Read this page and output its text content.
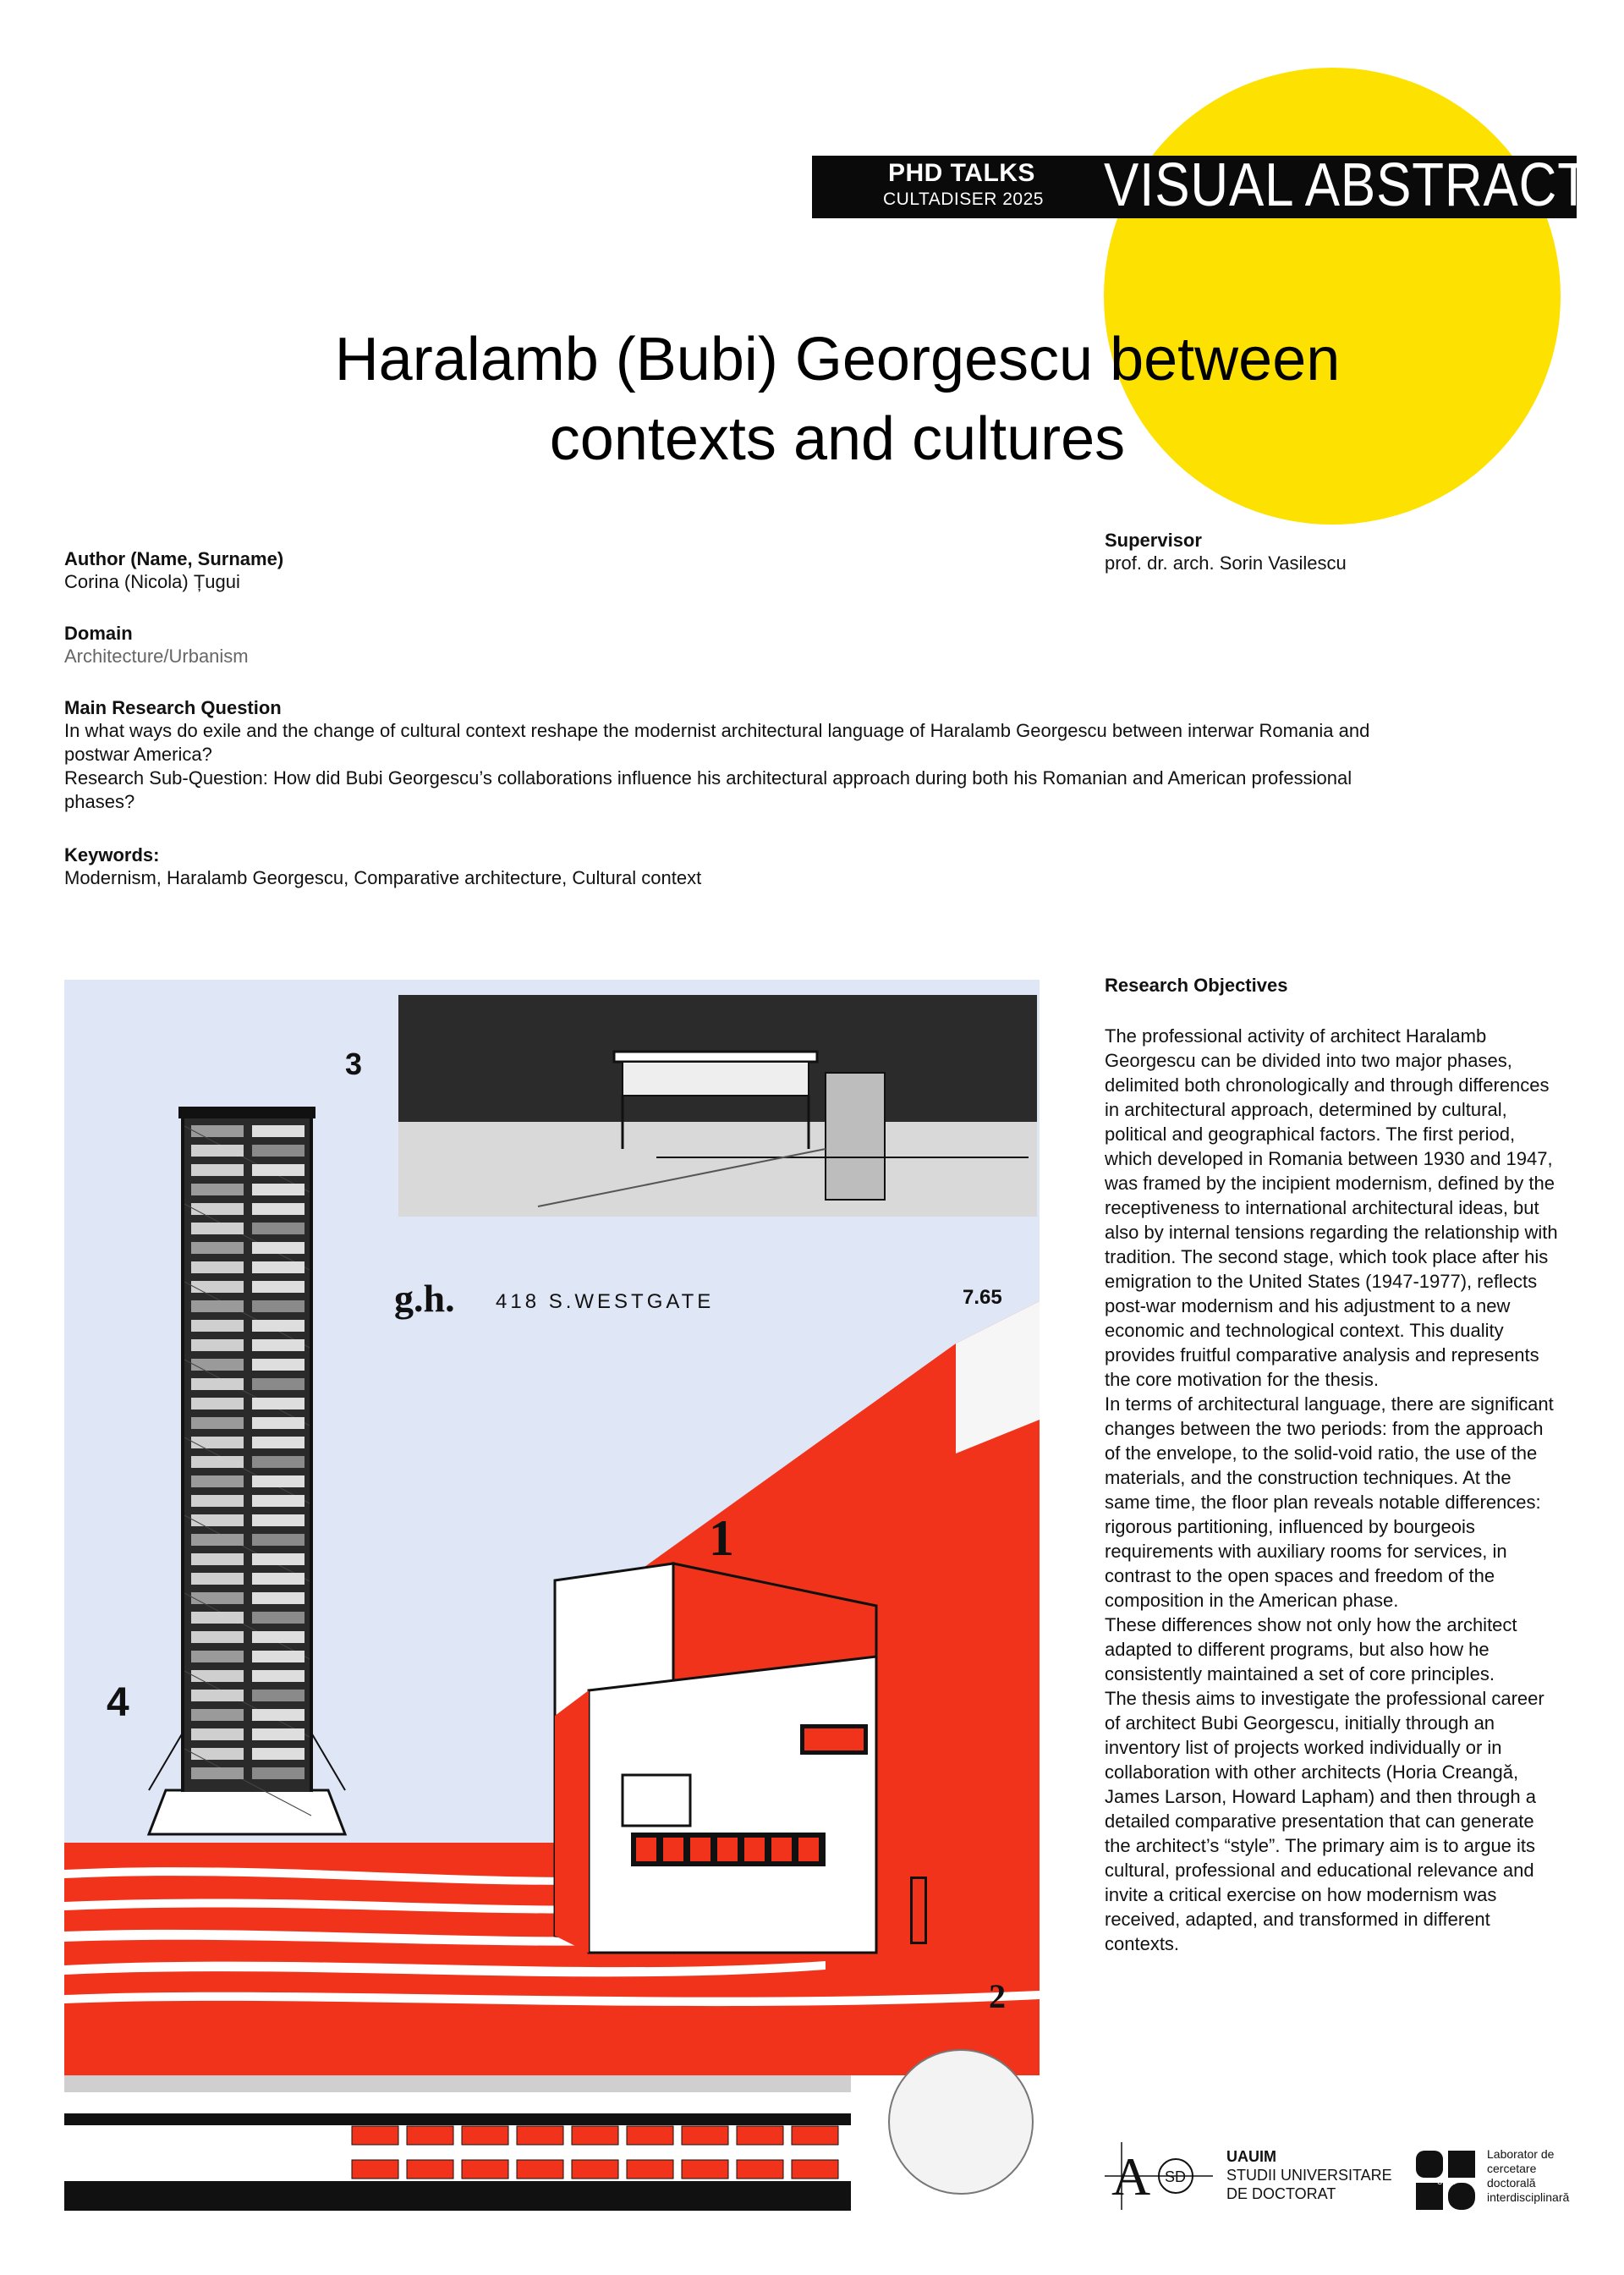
PHD TALKS
CULTADISER 2025 VISUAL ABSTRACT
Haralamb (Bubi) Georgescu between
contexts and cultures
Author (Name, Surname)
Corina (Nicola) Țugui
Supervisor
prof. dr. arch. Sorin Vasilescu
Domain
Architecture/Urbanism
Main Research Question
In what ways do exile and the change of cultural context reshape the modernist architectural language of Haralamb Georgescu between interwar Romania and
postwar America?
Research Sub-Question: How did Bubi Georgescu’s collaborations influence his architectural approach during both his Romanian and American professional
phases?
Keywords:
Modernism, Haralamb Georgescu, Comparative architecture, Cultural context
1
2
3
4
g.h. 418 S.WESTGATE	7.65
Research Objectives

The professional activity of architect Haralamb Georgescu can be divided into two major phases, delimited both chronologically and through differences in architectural approach, determined by cultural, political and geographical factors. The first period, which developed in Romania between 1930 and 1947, was framed by the incipient modernism, defined by the receptiveness to international architectural ideas, but also by internal tensions regarding the relationship with tradition. The second stage, which took place after his emigration to the United States (1947-1977), reflects post-war modernism and his adjustment to a new economic and technological context. This duality provides fruitful comparative analysis and represents the core motivation for the thesis.

In terms of architectural language, there are significant changes between the two periods: from the approach of the envelope, to the solid-void ratio, the use of the materials, and the construction techniques. At the same time, the floor plan reveals notable differences: rigorous partitioning, influenced by bourgeois requirements with auxiliary rooms for services, in contrast to the open spaces and freedom of the composition in the American phase.

These differences show not only how the architect adapted to different programs, but also how he consistently maintained a set of core principles.

The thesis aims to investigate the professional career of architect Bubi Georgescu, initially through an inventory list of projects worked individually or in collaboration with other architects (Horia Creangă, James Larson, Howard Lapham) and then through a detailed comparative presentation that can generate the architect’s “style”. The primary aim is to argue its cultural, professional and educational relevance and invite a critical exercise on how modernism was received, adapted, and transformed in different contexts.

A SD
UAUIM
STUDII UNIVERSITARE
DE DOCTORAT
UCDI
Laborator de
cercetare
doctorală
interdisciplinară
